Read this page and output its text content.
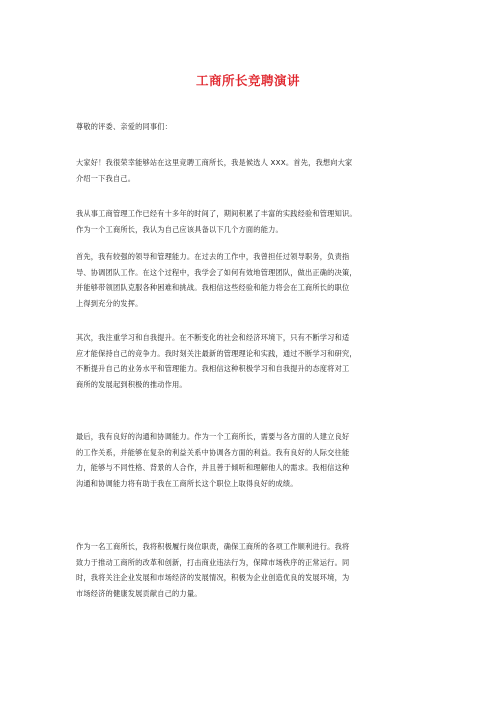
工商所长竞聘演讲

尊敬的评委、亲爱的同事们：

大家好！我很荣幸能够站在这里竞聘工商所长，我是候选人 XXX。首先，我想向大家
介绍一下我自己。

我从事工商管理工作已经有十多年的时间了，期间积累了丰富的实践经验和管理知识。
作为一个工商所长，我认为自己应该具备以下几个方面的能力。

首先，我有较强的领导和管理能力。在过去的工作中，我曾担任过领导职务，负责指
导、协调团队工作。在这个过程中，我学会了如何有效地管理团队，做出正确的决策，
并能够带领团队克服各种困难和挑战。我相信这些经验和能力将会在工商所长的职位
上得到充分的发挥。

其次，我注重学习和自我提升。在不断变化的社会和经济环境下，只有不断学习和适
应才能保持自己的竞争力。我时刻关注最新的管理理论和实践，通过不断学习和研究，
不断提升自己的业务水平和管理能力。我相信这种积极学习和自我提升的态度将对工
商所的发展起到积极的推动作用。

最后，我有良好的沟通和协调能力。作为一个工商所长，需要与各方面的人建立良好
的工作关系，并能够在复杂的利益关系中协调各方面的利益。我有良好的人际交往能
力，能够与不同性格、背景的人合作，并且善于倾听和理解他人的需求。我相信这种
沟通和协调能力将有助于我在工商所长这个职位上取得良好的成绩。

作为一名工商所长，我将积极履行岗位职责，确保工商所的各项工作顺利进行。我将
致力于推动工商所的改革和创新，打击商业违法行为，保障市场秩序的正常运行。同
时，我将关注企业发展和市场经济的发展情况，积极为企业创造优良的发展环境，为
市场经济的健康发展贡献自己的力量。
